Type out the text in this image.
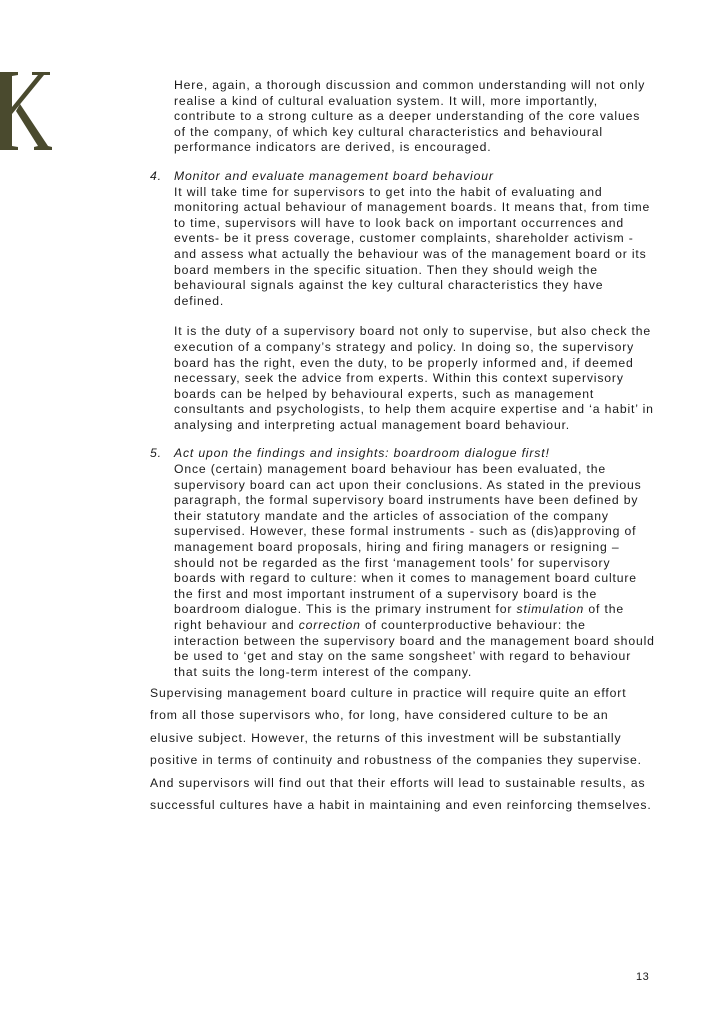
Here, again, a thorough discussion and common understanding will not only realise a kind of cultural evaluation system. It will, more importantly, contribute to a strong culture as a deeper understanding of the core values of the company, of which key cultural characteristics and behavioural performance indicators are derived, is encouraged.

4. Monitor and evaluate management board behaviour

It will take time for supervisors to get into the habit of evaluating and monitoring actual behaviour of management boards. It means that, from time to time, supervisors will have to look back on important occurrences and events- be it press coverage, customer complaints, shareholder activism - and assess what actually the behaviour was of the management board or its board members in the specific situation. Then they should weigh the behavioural signals against the key cultural characteristics they have defined.

It is the duty of a supervisory board not only to supervise, but also check the execution of a company’s strategy and policy. In doing so, the supervisory board has the right, even the duty, to be properly informed and, if deemed necessary, seek the advice from experts. Within this context supervisory boards can be helped by behavioural experts, such as management consultants and psychologists, to help them acquire expertise and ‘a habit’ in analysing and interpreting actual management board behaviour.

5. Act upon the findings and insights: boardroom dialogue first!

Once (certain) management board behaviour has been evaluated, the supervisory board can act upon their conclusions. As stated in the previous paragraph, the formal supervisory board instruments have been defined by their statutory mandate and the articles of association of the company supervised. However, these formal instruments - such as (dis)approving of management board proposals, hiring and firing managers or resigning – should not be regarded as the first ‘management tools’ for supervisory boards with regard to culture: when it comes to management board culture the first and most important instrument of a supervisory board is the boardroom dialogue. This is the primary instrument for stimulation of the right behaviour and correction of counterproductive behaviour: the interaction between the supervisory board and the management board should be used to ‘get and stay on the same songsheet’ with regard to behaviour that suits the long-term interest of the company.

Supervising management board culture in practice will require quite an effort from all those supervisors who, for long, have considered culture to be an elusive subject. However, the returns of this investment will be substantially positive in terms of continuity and robustness of the companies they supervise. And supervisors will find out that their efforts will lead to sustainable results, as successful cultures have a habit in maintaining and even reinforcing themselves.

13
